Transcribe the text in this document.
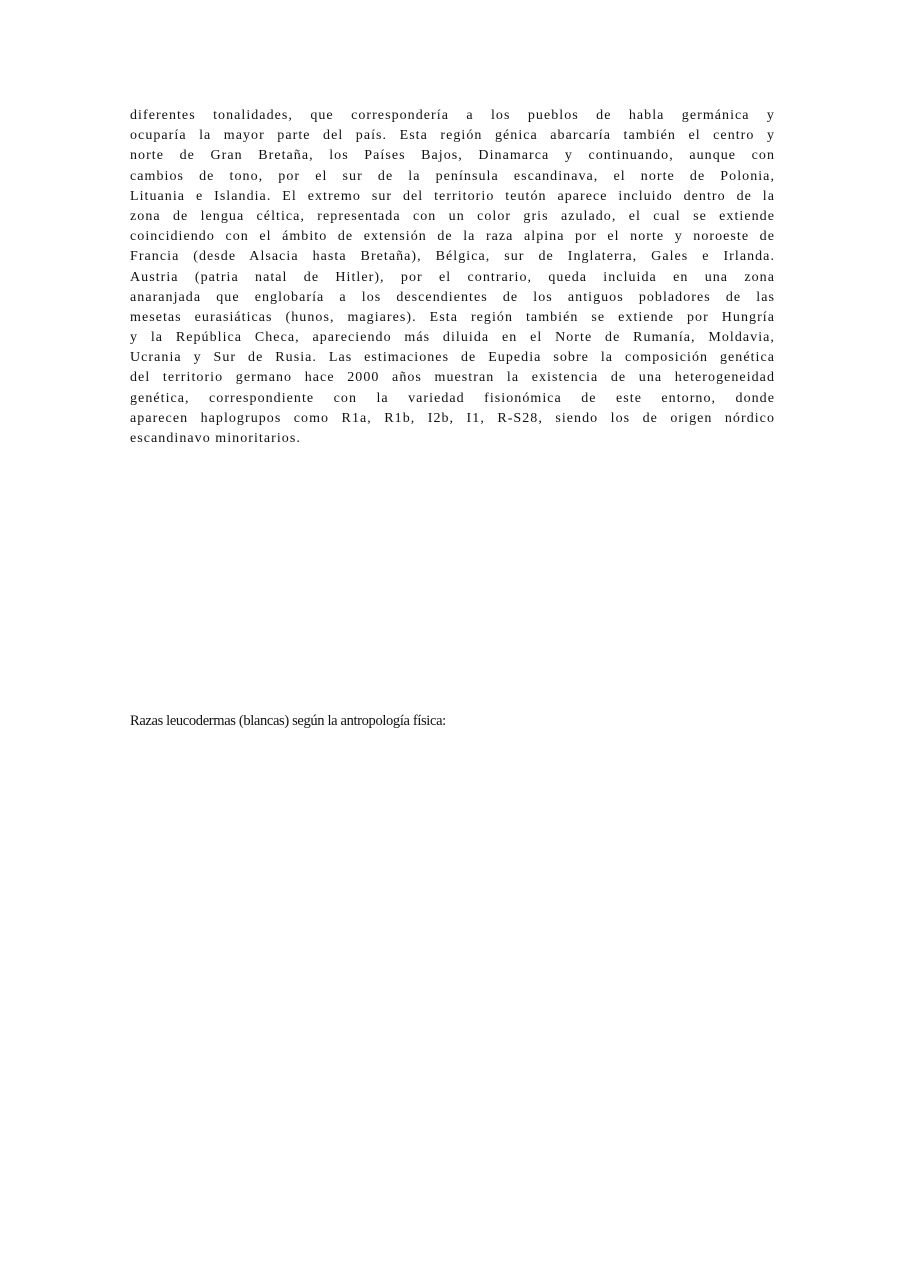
diferentes tonalidades, que correspondería a los pueblos de habla germánica y
ocuparía la mayor parte del país. Esta región génica abarcaría también el centro y
norte de Gran Bretaña, los Países Bajos, Dinamarca y continuando, aunque con
cambios de tono, por el sur de la península escandinava, el norte de Polonia,
Lituania e Islandia. El extremo sur del territorio teutón aparece incluido dentro de la
zona de lengua céltica, representada con un color gris azulado, el cual se extiende
coincidiendo con el ámbito de extensión de la raza alpina por el norte y noroeste de
Francia (desde Alsacia hasta Bretaña), Bélgica, sur de Inglaterra, Gales e Irlanda.
Austria (patria natal de Hitler), por el contrario, queda incluida en una zona
anaranjada que englobaría a los descendientes de los antiguos pobladores de las
mesetas eurasiáticas (hunos, magiares). Esta región también se extiende por Hungría
y la República Checa, apareciendo más diluida en el Norte de Rumanía, Moldavia,
Ucrania y Sur de Rusia. Las estimaciones de Eupedia sobre la composición genética
del territorio germano hace 2000 años muestran la existencia de una heterogeneidad
genética, correspondiente con la variedad fisionómica de este entorno, donde
aparecen haplogrupos como R1a, R1b, I2b, I1, R-S28, siendo los de origen nórdico
escandinavo minoritarios.

Razas leucodermas (blancas) según la antropología física:
